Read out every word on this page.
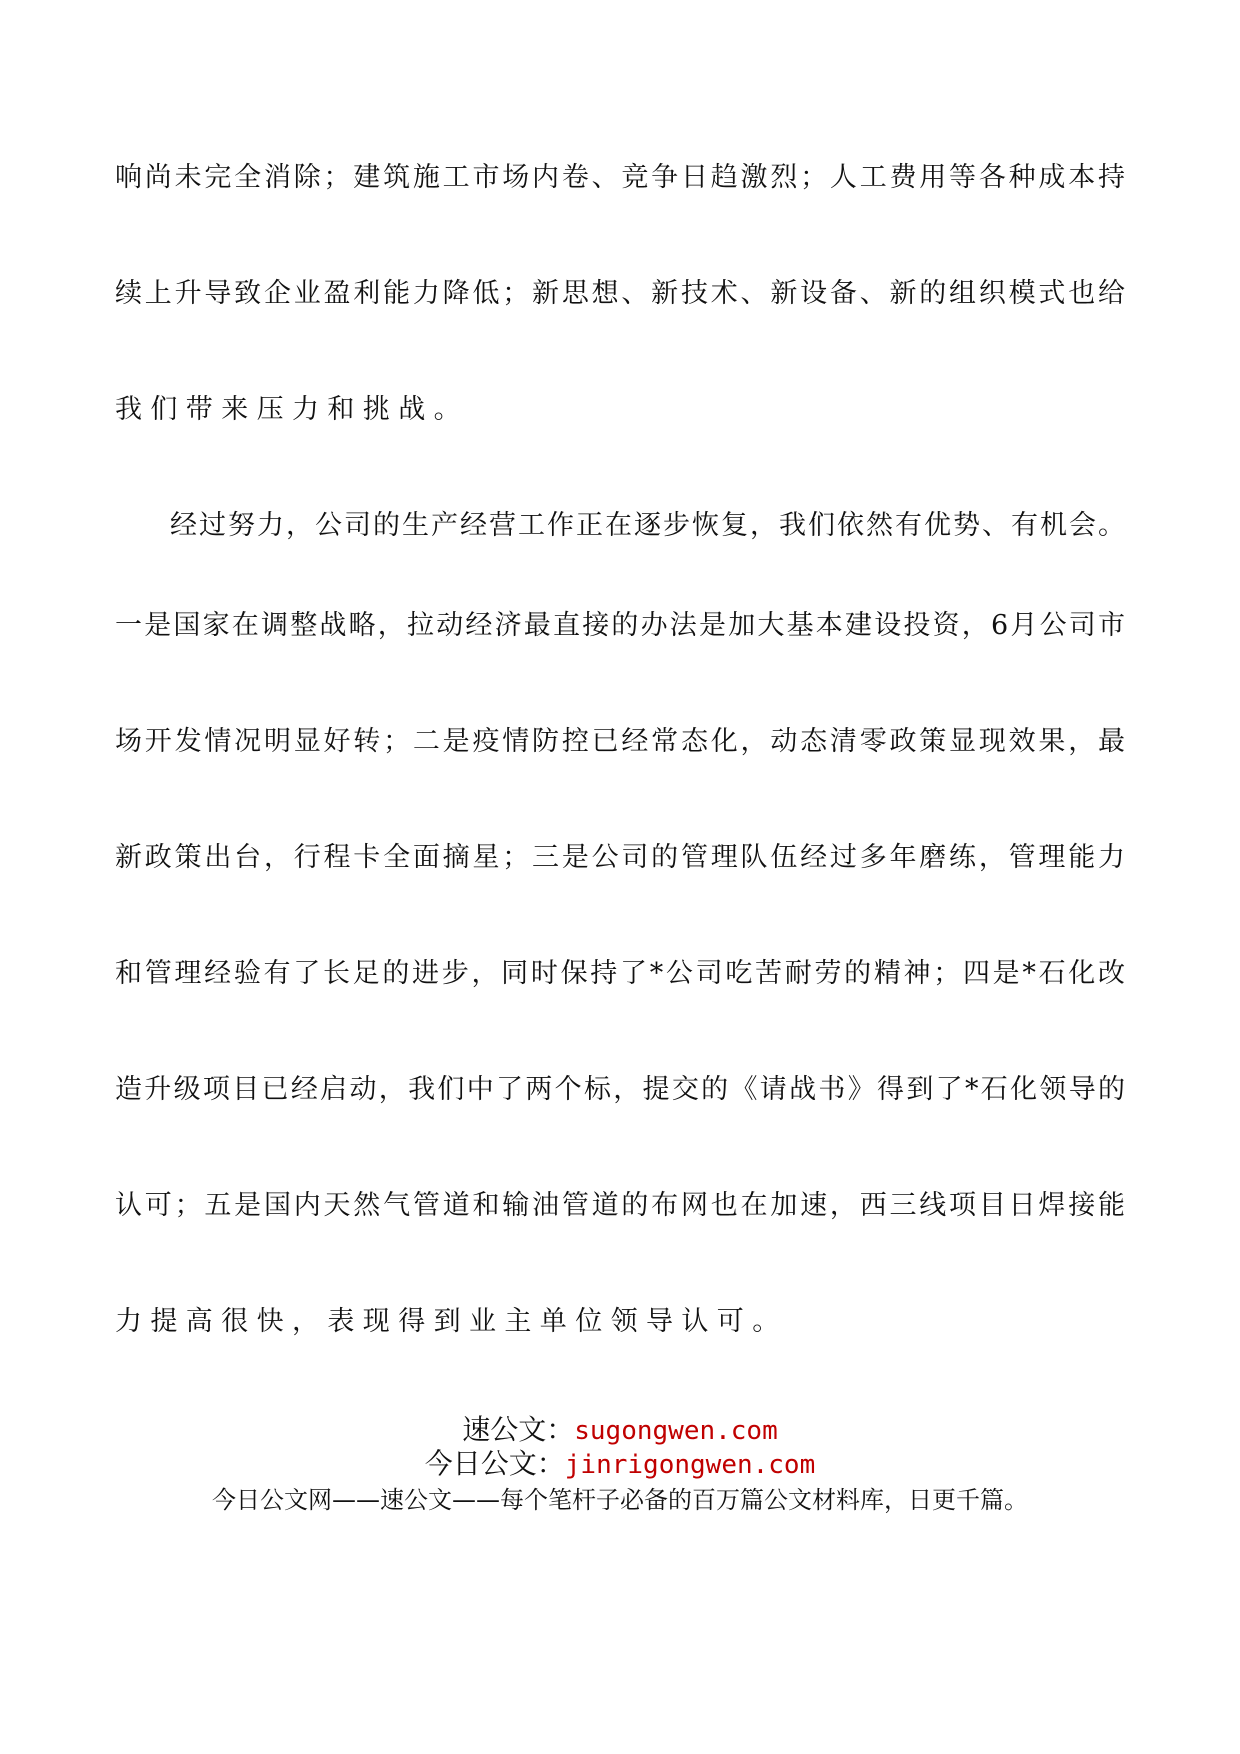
响尚未完全消除；建筑施工市场内卷、竞争日趋激烈；人工费用等各种成本持
续上升导致企业盈利能力降低；新思想、新技术、新设备、新的组织模式也给
我们带来压力和挑战。
经过努力，公司的生产经营工作正在逐步恢复，我们依然有优势、有机会。
一是国家在调整战略，拉动经济最直接的办法是加大基本建设投资，6月公司市
场开发情况明显好转；二是疫情防控已经常态化，动态清零政策显现效果，最
新政策出台，行程卡全面摘星；三是公司的管理队伍经过多年磨练，管理能力
和管理经验有了长足的进步，同时保持了*公司吃苦耐劳的精神；四是*石化改
造升级项目已经启动，我们中了两个标，提交的《请战书》得到了*石化领导的
认可；五是国内天然气管道和输油管道的布网也在加速，西三线项目日焊接能
力提高很快，表现得到业主单位领导认可。
速公文：sugongwen.com
今日公文：jinrigongwen.com
今日公文网——速公文——每个笔杆子必备的百万篇公文材料库，日更千篇。
